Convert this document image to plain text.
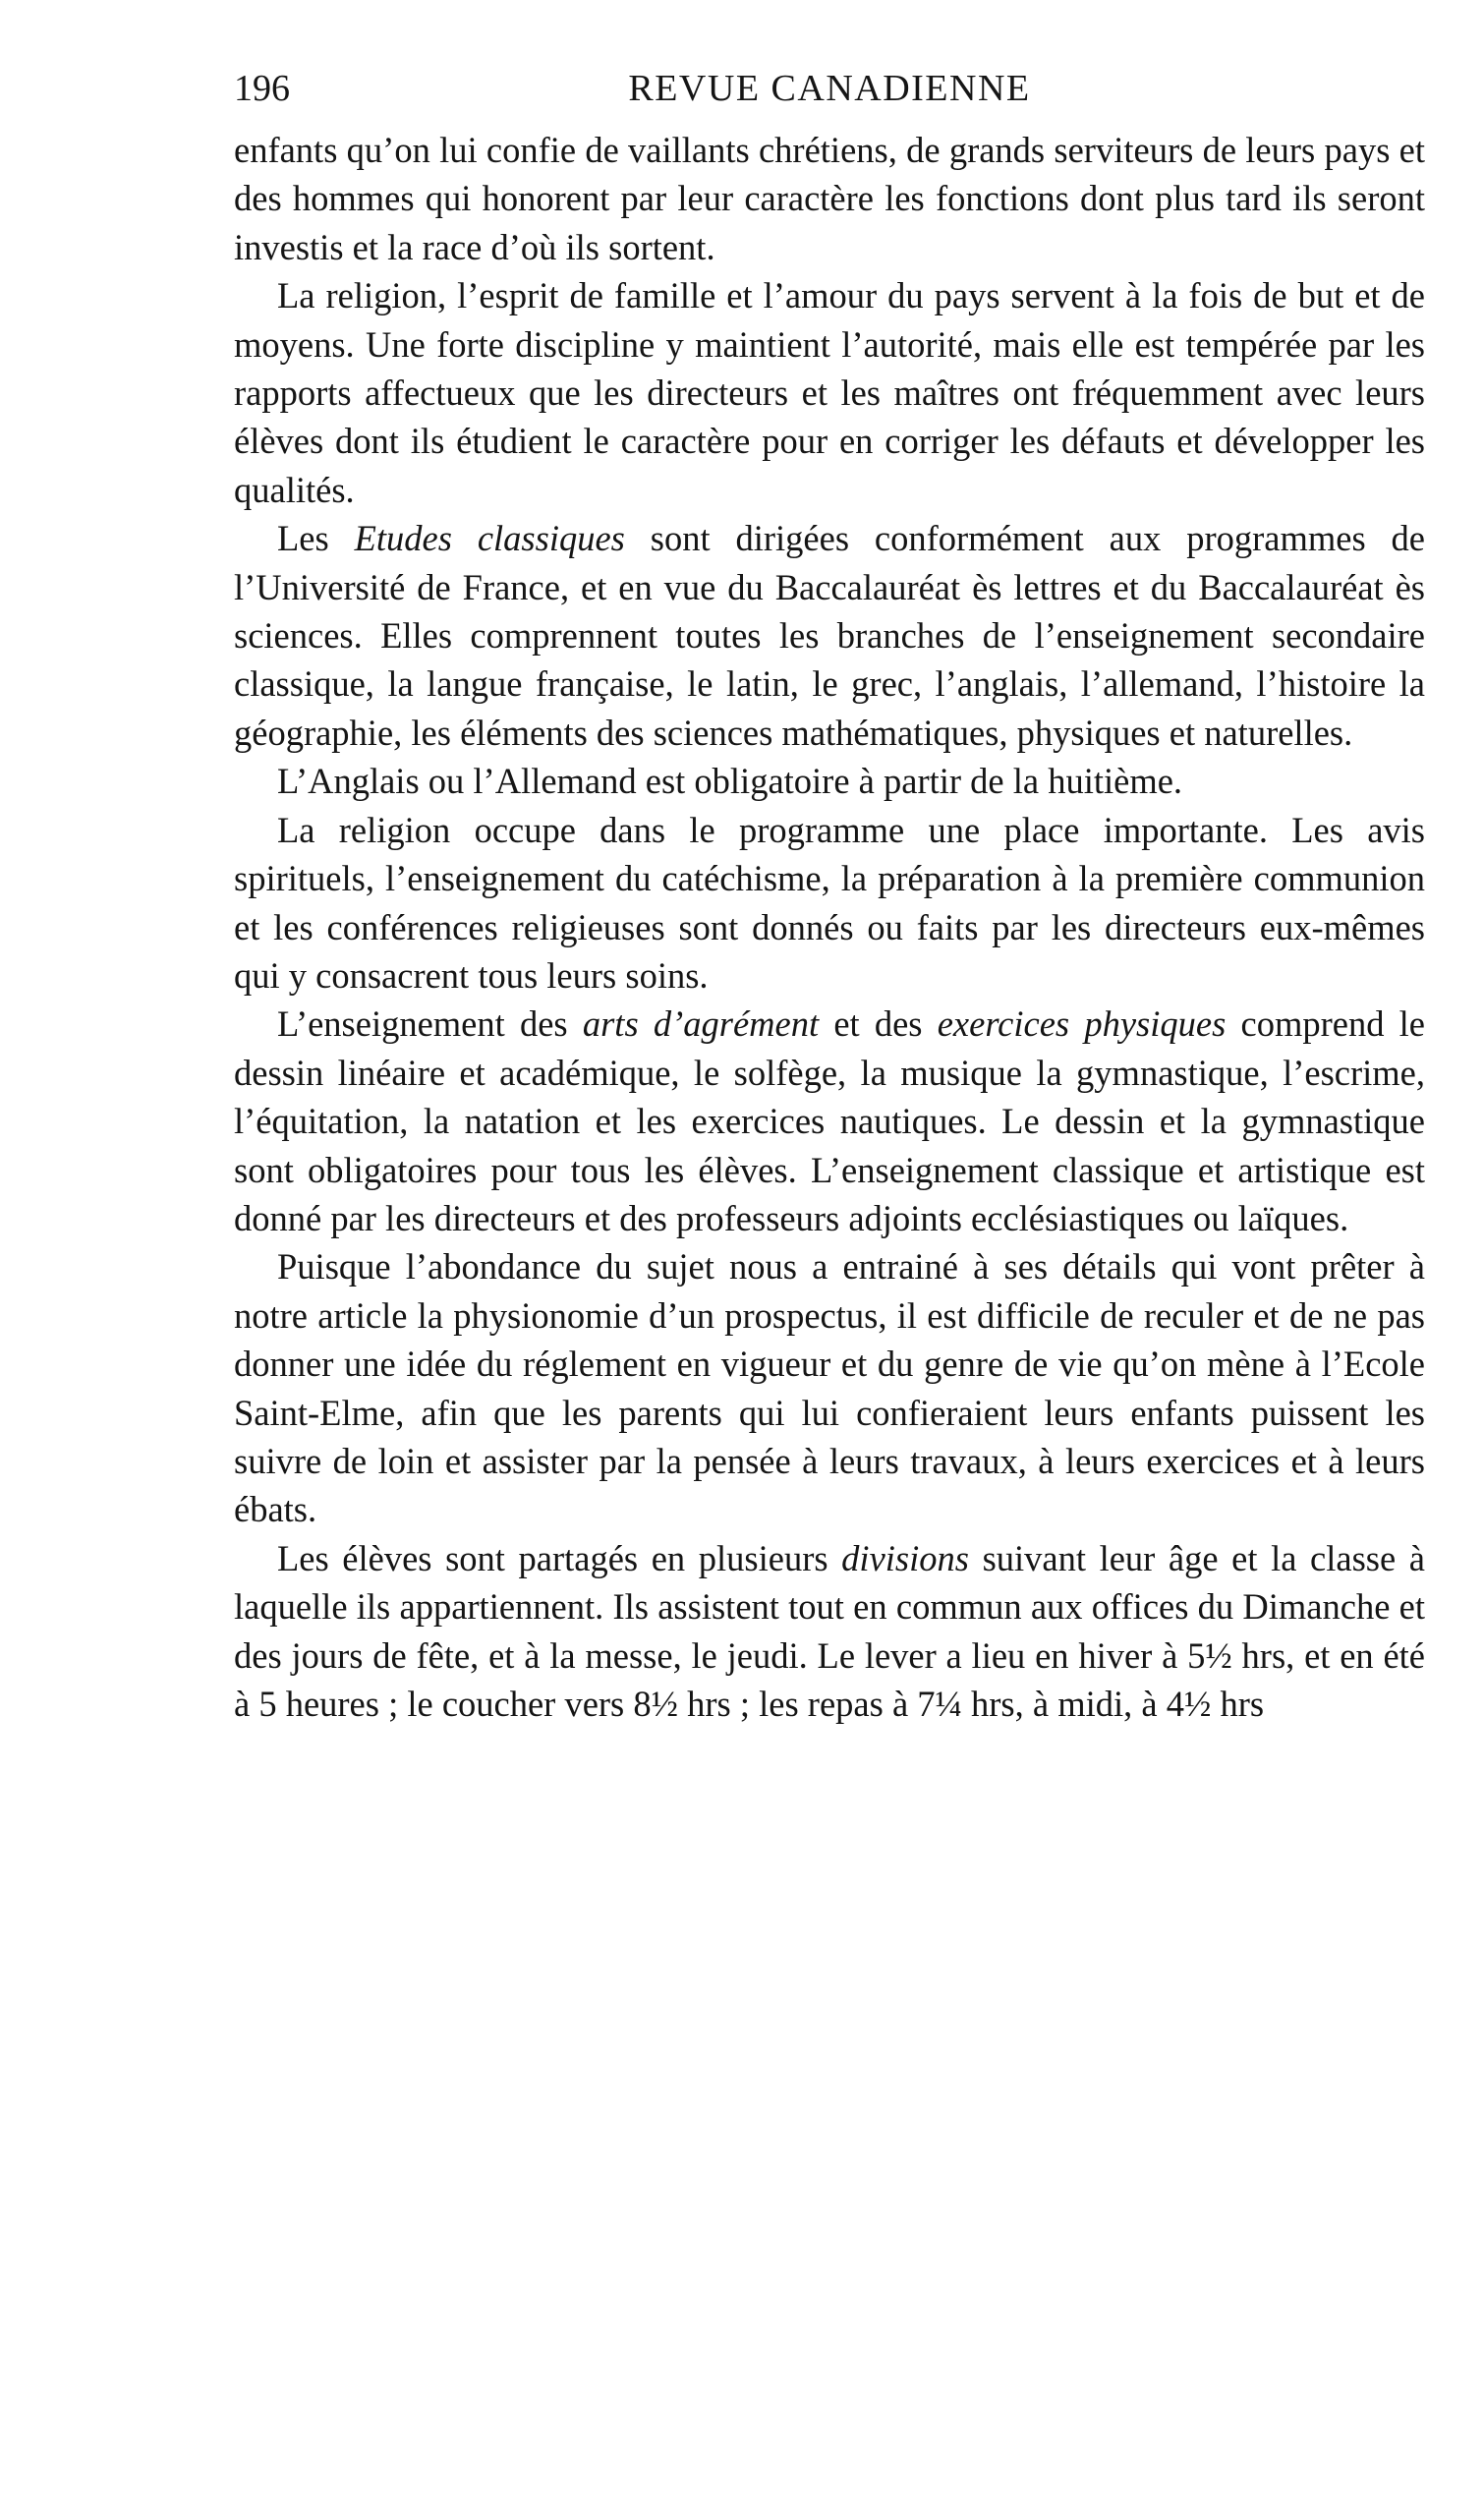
196	REVUE CANADIENNE

enfants qu’on lui confie de vaillants chrétiens, de grands serviteurs de leurs pays et des hommes qui honorent par leur caractère les fonctions dont plus tard ils seront investis et la race d’où ils sortent.

La religion, l’esprit de famille et l’amour du pays servent à la fois de but et de moyens. Une forte discipline y maintient l’autorité, mais elle est tempérée par les rapports affectueux que les directeurs et les maîtres ont fréquemment avec leurs élèves dont ils étudient le caractère pour en corriger les défauts et développer les qualités.

Les Etudes classiques sont dirigées conformément aux programmes de l’Université de France, et en vue du Baccalauréat ès lettres et du Baccalauréat ès sciences. Elles comprennent toutes les branches de l’enseignement secondaire classique, la langue française, le latin, le grec, l’anglais, l’allemand, l’histoire la géographie, les éléments des sciences mathématiques, physiques et naturelles.

L’Anglais ou l’Allemand est obligatoire à partir de la huitième.

La religion occupe dans le programme une place importante. Les avis spirituels, l’enseignement du catéchisme, la préparation à la première communion et les conférences religieuses sont donnés ou faits par les directeurs eux-mêmes qui y consacrent tous leurs soins.

L’enseignement des arts d’agrément et des exercices physiques comprend le dessin linéaire et académique, le solfège, la musique la gymnastique, l’escrime, l’équitation, la natation et les exercices nautiques. Le dessin et la gymnastique sont obligatoires pour tous les élèves. L’enseignement classique et artistique est donné par les directeurs et des professeurs adjoints ecclésiastiques ou laïques.

Puisque l’abondance du sujet nous a entrainé à ses détails qui vont prêter à notre article la physionomie d’un prospectus, il est difficile de reculer et de ne pas donner une idée du réglement en vigueur et du genre de vie qu’on mène à l’Ecole Saint-Elme, afin que les parents qui lui confieraient leurs enfants puissent les suivre de loin et assister par la pensée à leurs travaux, à leurs exercices et à leurs ébats.

Les élèves sont partagés en plusieurs divisions suivant leur âge et la classe à laquelle ils appartiennent. Ils assistent tout en commun aux offices du Dimanche et des jours de fête, et à la messe, le jeudi. Le lever a lieu en hiver à 5½ hrs, et en été à 5 heures ; le coucher vers 8½ hrs ; les repas à 7¼ hrs, à midi, à 4½ hrs
